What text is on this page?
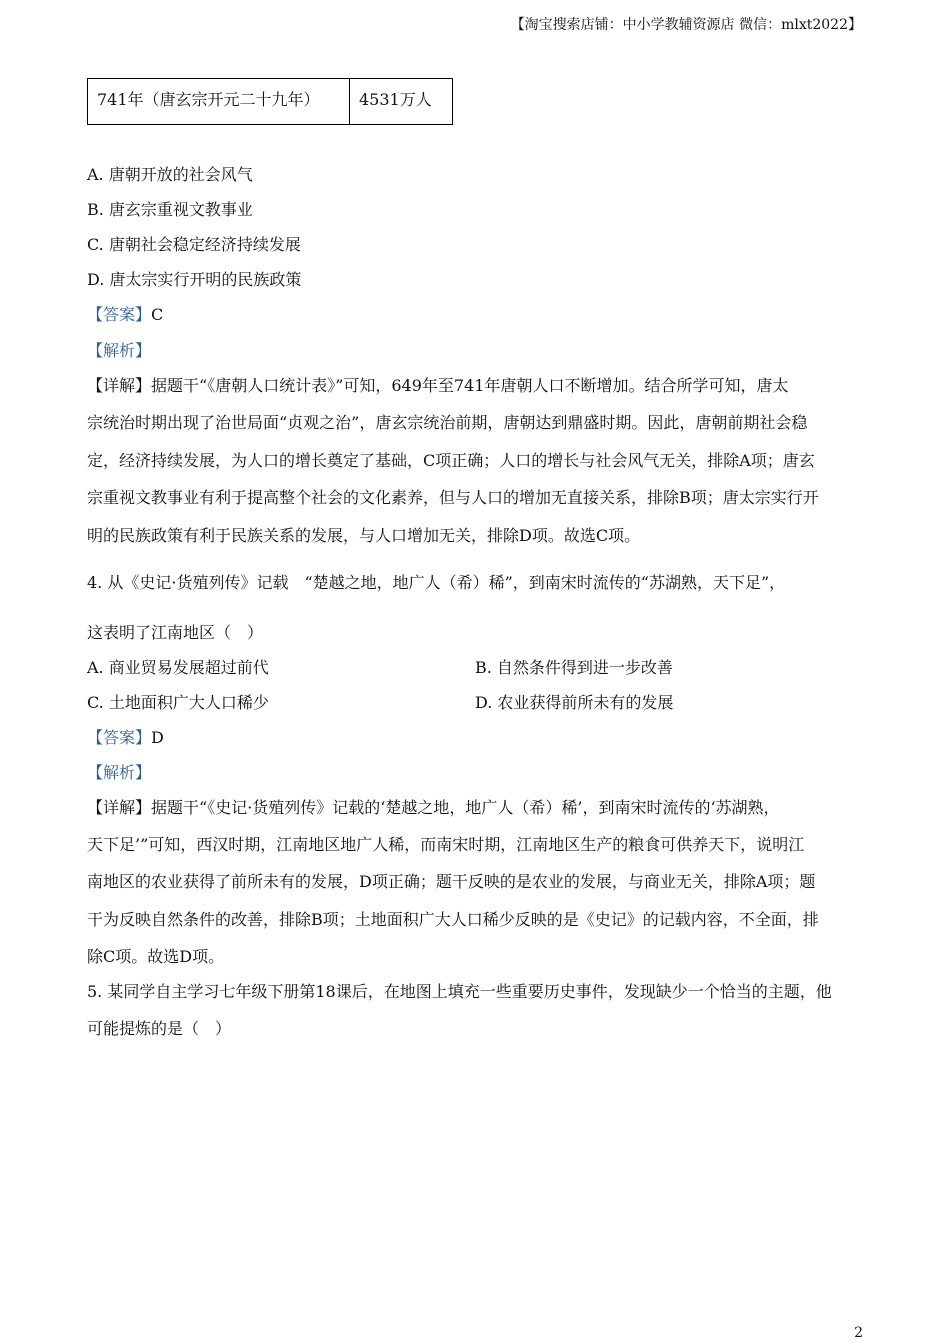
【淘宝搜索店铺：中小学教辅资源店 微信：mlxt2022】
741年（唐玄宗开元二十九年）	4531万人
A. 唐朝开放的社会风气
B. 唐玄宗重视文教事业
C. 唐朝社会稳定经济持续发展
D. 唐太宗实行开明的民族政策
【答案】C
【解析】
【详解】据题干“《唐朝人口统计表》”可知，649年至741年唐朝人口不断增加。结合所学可知，唐太
宗统治时期出现了治世局面“贞观之治”，唐玄宗统治前期，唐朝达到鼎盛时期。因此，唐朝前期社会稳
定，经济持续发展，为人口的增长奠定了基础，C项正确；人口的增长与社会风气无关，排除A项；唐玄
宗重视文教事业有利于提高整个社会的文化素养，但与人口的增加无直接关系，排除B项；唐太宗实行开
明的民族政策有利于民族关系的发展，与人口增加无关，排除D项。故选C项。
4. 从《史记·货殖列传》记载　“楚越之地，地广人（希）稀”，到南宋时流传的“苏湖熟，天下足”，
这表明了江南地区（　）
A. 商业贸易发展超过前代	B. 自然条件得到进一步改善
C. 土地面积广大人口稀少	D. 农业获得前所未有的发展
【答案】D
【解析】
【详解】据题干“《史记·货殖列传》记载的‘楚越之地，地广人（希）稀’，到南宋时流传的‘苏湖熟，
天下足’”可知，西汉时期，江南地区地广人稀，而南宋时期，江南地区生产的粮食可供养天下，说明江
南地区的农业获得了前所未有的发展，D项正确；题干反映的是农业的发展，与商业无关，排除A项；题
干为反映自然条件的改善，排除B项；土地面积广大人口稀少反映的是《史记》的记载内容，不全面，排
除C项。故选D项。
5. 某同学自主学习七年级下册第18课后，在地图上填充一些重要历史事件，发现缺少一个恰当的主题，他
可能提炼的是（　）
2
